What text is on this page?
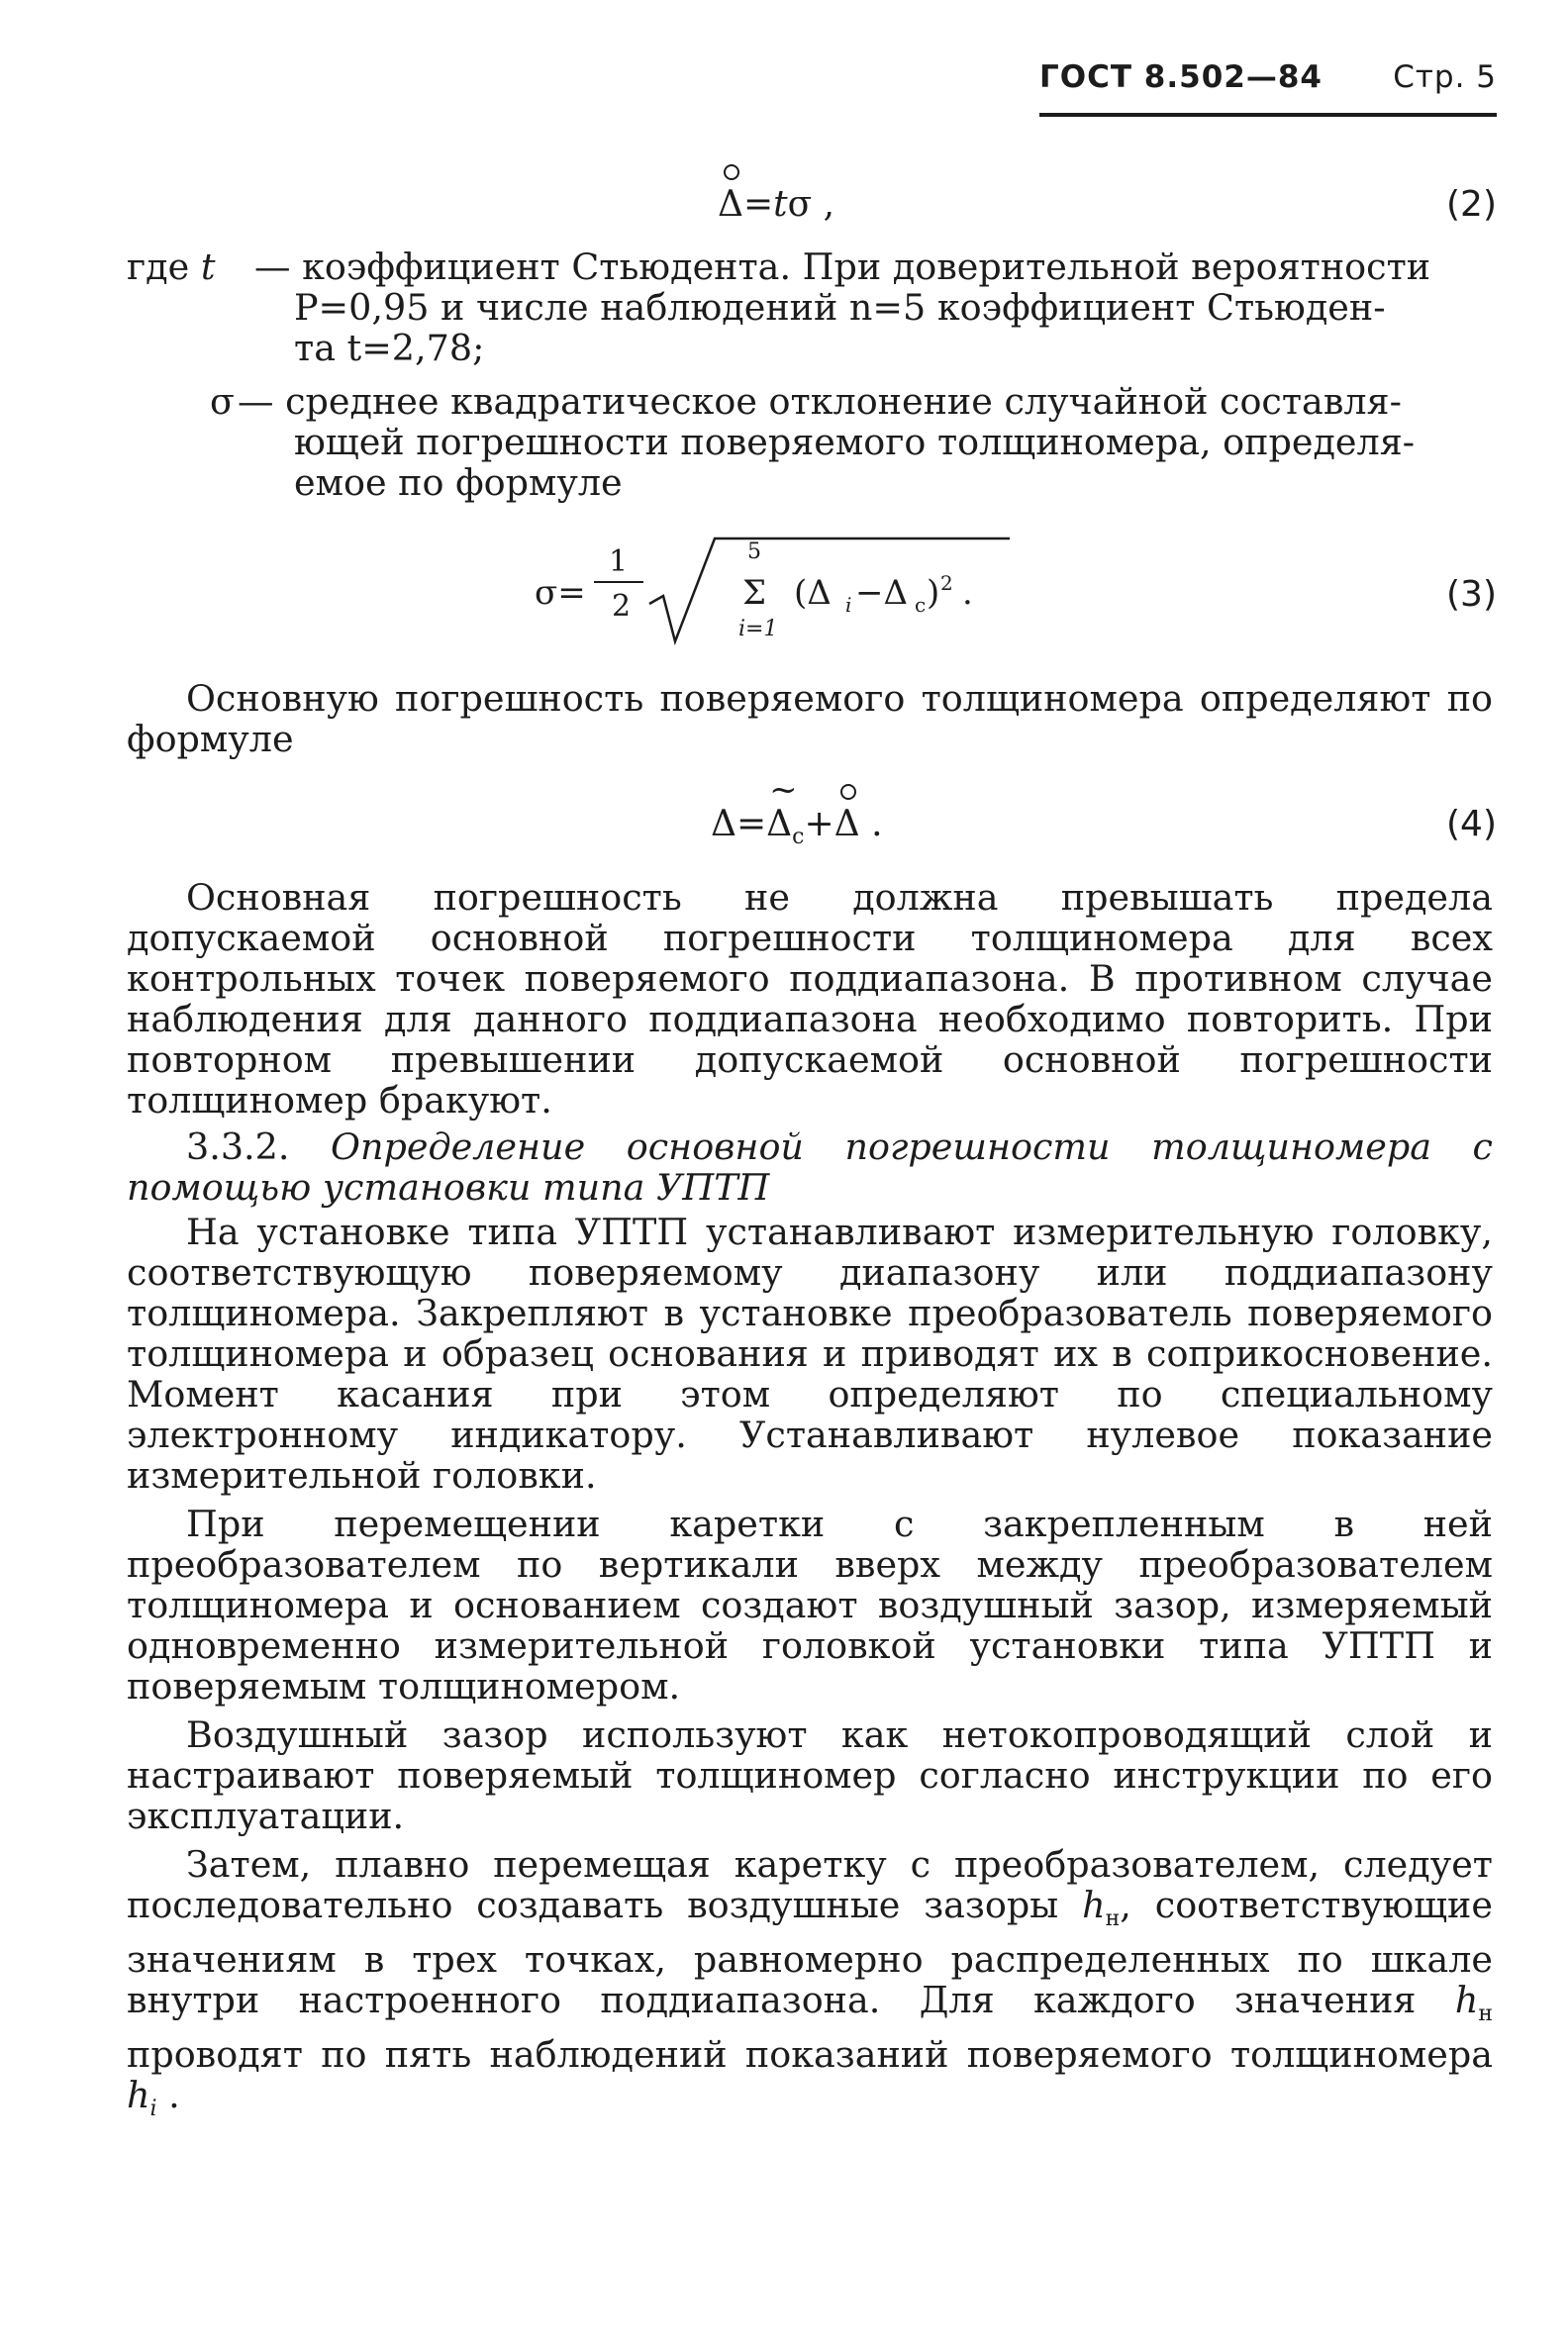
ГОСТ 8.502—84 Стр. 5
Δ=tσ ,	(2)
где t — коэффициент Стьюдента. При доверительной вероятности
P=0,95 и числе наблюдений n=5 коэффициент Стьюден-
та t=2,78;
σ — среднее квадратическое отклонение случайной составля-
ющей погрешности поверяемого толщиномера, определя-
емое по формуле
σ=
1
2
5
Σ
i=1
(Δ i −Δ c ) 2 .	(3)

Основную погрешность поверяемого толщиномера определяют по формуле

Δ=~ $\Delta_c+\Delta$ .	(4)

Основная погрешность не должна превышать предела допускаемой основной погрешности толщиномера для всех контрольных точек поверяемого поддиапазона. В противном случае наблюдения для данного поддиапазона необходимо повторить. При повторном превышении допускаемой основной погрешности толщиномер бракуют.

3.3.2. Определение основной погрешности толщиномера с помощью установки типа УПТП

На установке типа УПТП устанавливают измерительную головку, соответствующую поверяемому диапазону или поддиапазону толщиномера. Закрепляют в установке преобразователь поверяемого толщиномера и образец основания и приводят их в соприкосновение. Момент касания при этом определяют по специальному электронному индикатору. Устанавливают нулевое показание измерительной головки.

При перемещении каретки с закрепленным в ней преобразователем по вертикали вверх между преобразователем толщиномера и основанием создают воздушный зазор, измеряемый одновременно измерительной головкой установки типа УПТП и поверяемым толщиномером.

Воздушный зазор используют как нетокопроводящий слой и настраивают поверяемый толщиномер согласно инструкции по его эксплуатации.

Затем, плавно перемещая каретку с преобразователем, следует последовательно создавать воздушные зазоры $h_н$, соответствующие значениям в трех точках, равномерно распределенных по шкале внутри настроенного поддиапазона. Для каждого значения $h_н$ проводят по пять наблюдений показаний поверяемого толщиномера $h_i$ .
